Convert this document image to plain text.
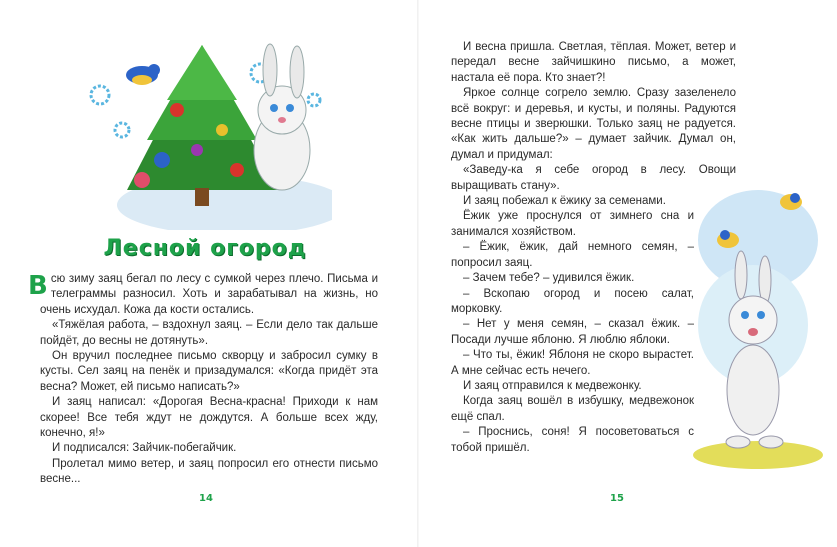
Лесной огород

Всю зиму заяц бегал по лесу с сумкой через плечо. Письма и телеграммы разносил. Хоть и зарабатывал на жизнь, но очень исхудал. Кожа да кости остались.

«Тяжёлая работа, – вздохнул заяц. – Если дело так дальше пойдёт, до весны не дотянуть».

Он вручил последнее письмо скворцу и забросил сумку в кусты. Сел заяц на пенёк и призадумался: «Когда придёт эта весна? Может, ей письмо написать?»

И заяц написал: «Дорогая Весна-красна! Приходи к нам скорее! Все тебя ждут не дождутся. А больше всех жду, конечно, я!»

И подписался: Зайчик-побегайчик.

Пролетал мимо ветер, и заяц попросил его отнести письмо весне...

14

И весна пришла. Светлая, тёплая. Может, ветер и передал весне зайчишкино письмо, а может, настала её пора. Кто знает?!

Яркое солнце согрело землю. Сразу зазеленело всё вокруг: и деревья, и кусты, и поляны. Радуются весне птицы и зверюшки. Только заяц не радуется. «Как жить дальше?» – думает зайчик. Думал он, думал и придумал:

«Заведу-ка я себе огород в лесу. Овощи выращивать стану».

И заяц побежал к ёжику за семенами.

Ёжик уже проснулся от зимнего сна и занимался хозяйством.

– Ёжик, ёжик, дай немного семян, – попросил заяц.

– Зачем тебе? – удивился ёжик.

– Вскопаю огород и посею салат, морковку.

– Нет у меня семян, – сказал ёжик. – Посади лучше яблоню. Я люблю яблоки.

– Что ты, ёжик! Яблоня не скоро вырастет. А мне сейчас есть нечего.

И заяц отправился к медвежонку.

Когда заяц вошёл в избушку, медвежонок ещё спал.

– Проснись, соня! Я посоветоваться с тобой пришёл.

15
